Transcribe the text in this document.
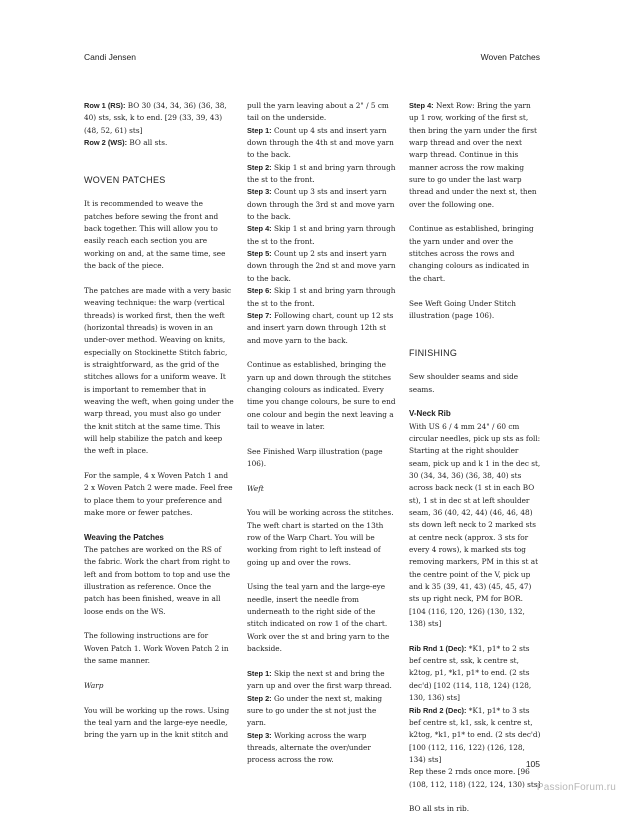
Candi Jensen	Woven Patches

Row 1 (RS): BO 30 (34, 34, 36) (36, 38, 40) sts, ssk, k to end. [29 (33, 39, 43) (48, 52, 61) sts]

Row 2 (WS): BO all sts.

WOVEN PATCHES

It is recommended to weave the patches before sewing the front and back together. This will allow you to easily reach each section you are working on and, at the same time, see the back of the piece.

The patches are made with a very basic weaving technique: the warp (vertical threads) is worked first, then the weft (horizontal threads) is woven in an under-over method. Weaving on knits, especially on Stockinette Stitch fabric, is straightforward, as the grid of the stitches allows for a uniform weave. It is important to remember that in weaving the weft, when going under the warp thread, you must also go under the knit stitch at the same time. This will help stabilize the patch and keep the weft in place.

For the sample, 4 x Woven Patch 1 and 2 x Woven Patch 2 were made. Feel free to place them to your preference and make more or fewer patches.

Weaving the Patches

The patches are worked on the RS of the fabric. Work the chart from right to left and from bottom to top and use the illustration as reference. Once the patch has been finished, weave in all loose ends on the WS.

The following instructions are for Woven Patch 1. Work Woven Patch 2 in the same manner.

Warp

You will be working up the rows. Using the teal yarn and the large-eye needle, bring the yarn up in the knit stitch and

pull the yarn leaving about a 2" / 5 cm tail on the underside.

Step 1: Count up 4 sts and insert yarn down through the 4th st and move yarn to the back.

Step 2: Skip 1 st and bring yarn through the st to the front.

Step 3: Count up 3 sts and insert yarn down through the 3rd st and move yarn to the back.

Step 4: Skip 1 st and bring yarn through the st to the front.

Step 5: Count up 2 sts and insert yarn down through the 2nd st and move yarn to the back.

Step 6: Skip 1 st and bring yarn through the st to the front.

Step 7: Following chart, count up 12 sts and insert yarn down through 12th st and move yarn to the back.

Continue as established, bringing the yarn up and down through the stitches changing colours as indicated. Every time you change colours, be sure to end one colour and begin the next leaving a tail to weave in later.

See Finished Warp illustration (page 106).

Weft

You will be working across the stitches. The weft chart is started on the 13th row of the Warp Chart. You will be working from right to left instead of going up and over the rows.

Using the teal yarn and the large-eye needle, insert the needle from underneath to the right side of the stitch indicated on row 1 of the chart. Work over the st and bring yarn to the backside.

Step 1: Skip the next st and bring the yarn up and over the first warp thread.

Step 2: Go under the next st, making sure to go under the st not just the yarn.

Step 3: Working across the warp threads, alternate the over/under process across the row.

Step 4: Next Row: Bring the yarn up 1 row, working of the first st, then bring the yarn under the first warp thread and over the next warp thread. Continue in this manner across the row making sure to go under the last warp thread and under the next st, then over the following one.

Continue as established, bringing the yarn under and over the stitches across the rows and changing colours as indicated in the chart.

See Weft Going Under Stitch illustration (page 106).

FINISHING

Sew shoulder seams and side seams.

V-Neck Rib

With US 6 / 4 mm 24" / 60 cm circular needles, pick up sts as foll: Starting at the right shoulder seam, pick up and k 1 in the dec st, 30 (34, 34, 36) (36, 38, 40) sts across back neck (1 st in each BO st), 1 st in dec st at left shoulder seam, 36 (40, 42, 44) (46, 46, 48) sts down left neck to 2 marked sts at centre neck (approx. 3 sts for every 4 rows), k marked sts tog removing markers, PM in this st at the centre point of the V, pick up and k 35 (39, 41, 43) (45, 45, 47) sts up right neck, PM for BOR. [104 (116, 120, 126) (130, 132, 138) sts]

Rib Rnd 1 (Dec): *K1, p1* to 2 sts bef centre st, ssk, k centre st, k2tog, p1, *k1, p1* to end. (2 sts dec'd) [102 (114, 118, 124) (128, 130, 136) sts]

Rib Rnd 2 (Dec): *K1, p1* to 3 sts bef centre st, k1, ssk, k centre st, k2tog, *k1, p1* to end. (2 sts dec'd) [100 (112, 116, 122) (126, 128, 134) sts]

Rep these 2 rnds once more. [96 (108, 112, 118) (122, 124, 130) sts]

BO all sts in rib.

105
PassionForum.ru
